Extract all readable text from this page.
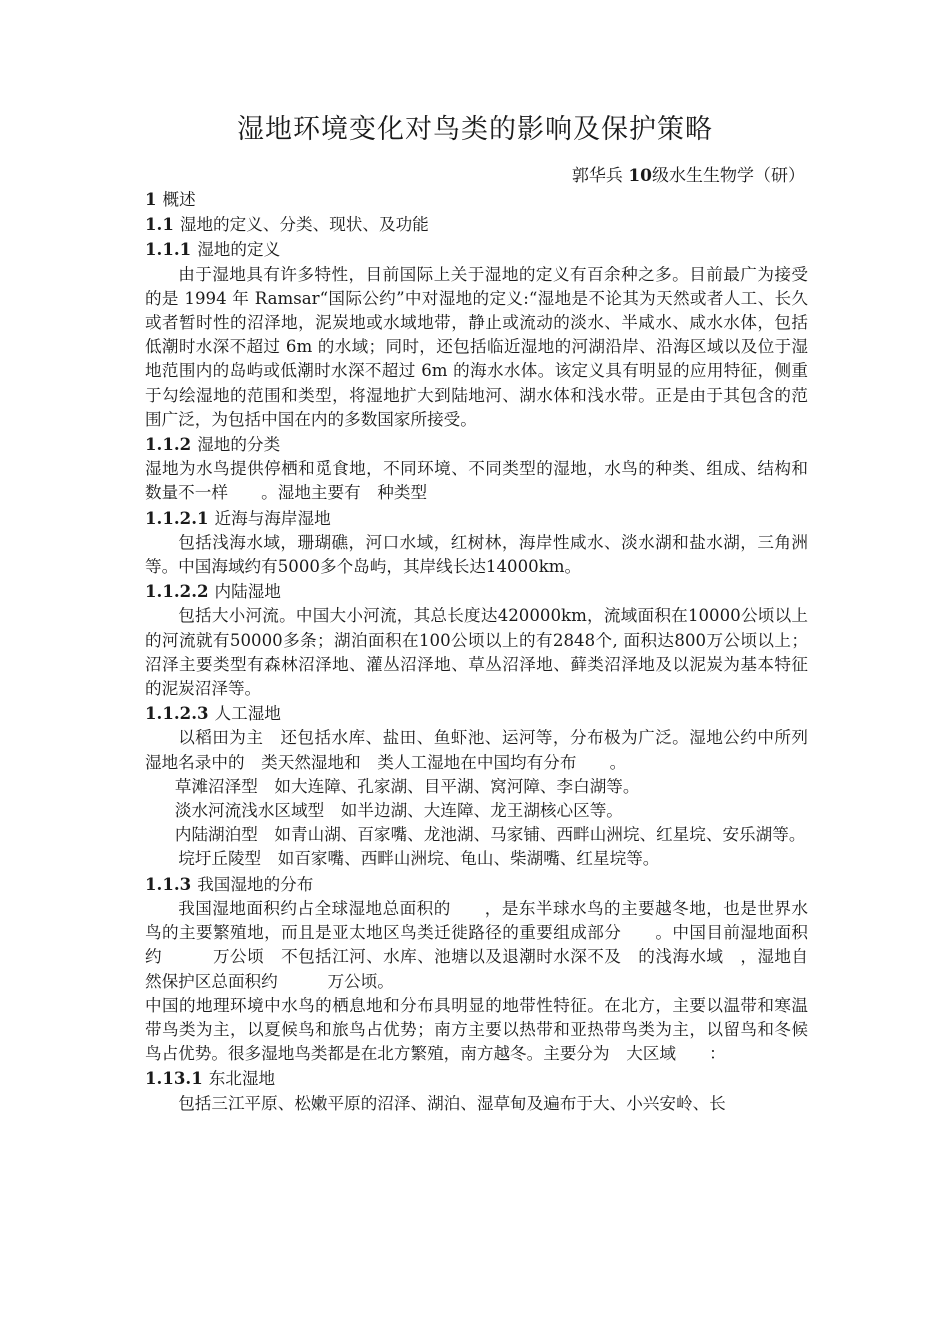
湿地环境变化对鸟类的影响及保护策略
郭华兵 10级水生生物学（研）

1 概述

1.1 湿地的定义、分类、现状、及功能

1.1.1 湿地的定义

由于湿地具有许多特性，目前国际上关于湿地的定义有百余种之多。目前最广为接受的是 1994 年 Ramsar“国际公约”中对湿地的定义:“湿地是不论其为天然或者人工、长久或者暂时性的沼泽地，泥炭地或水域地带，静止或流动的淡水、半咸水、咸水水体，包括低潮时水深不超过 6m 的水域；同时，还包括临近湿地的河湖沿岸、沿海区域以及位于湿地范围内的岛屿或低潮时水深不超过 6m 的海水水体。该定义具有明显的应用特征，侧重于勾绘湿地的范围和类型，将湿地扩大到陆地河、湖水体和浅水带。正是由于其包含的范围广泛，为包括中国在内的多数国家所接受。

1.1.2 湿地的分类

湿地为水鸟提供停栖和觅食地，不同环境、不同类型的湿地，水鸟的种类、组成、结构和数量不一样　　。湿地主要有　种类型

1.1.2.1 近海与海岸湿地

包括浅海水域，珊瑚礁，河口水域，红树林，海岸性咸水、淡水湖和盐水湖，三角洲等。中国海域约有5000多个岛屿，其岸线长达14000km。

1.1.2.2 内陆湿地

包括大小河流。中国大小河流，其总长度达420000km，流域面积在10000公顷以上的河流就有50000多条；湖泊面积在100公顷以上的有2848个, 面积达800万公顷以上；沼泽主要类型有森林沼泽地、灌丛沼泽地、草丛沼泽地、藓类沼泽地及以泥炭为基本特征的泥炭沼泽等。

1.1.2.3 人工湿地

以稻田为主　还包括水库、盐田、鱼虾池、运河等，分布极为广泛。湿地公约中所列湿地名录中的　类天然湿地和　类人工湿地在中国均有分布　　。

草滩沼泽型　如大连障、孔家湖、目平湖、窝河障、李白湖等。

淡水河流浅水区域型　如半边湖、大连障、龙王湖核心区等。

内陆湖泊型　如青山湖、百家嘴、龙池湖、马家铺、西畔山洲垸、红星垸、安乐湖等。

垸圩丘陵型　如百家嘴、西畔山洲垸、龟山、柴湖嘴、红星垸等。

1.1.3 我国湿地的分布

我国湿地面积约占全球湿地总面积的　　，是东半球水鸟的主要越冬地，也是世界水鸟的主要繁殖地，而且是亚太地区鸟类迁徙路径的重要组成部分　　。中国目前湿地面积约　　　万公顷　不包括江河、水库、池塘以及退潮时水深不及　的浅海水域　，湿地自然保护区总面积约　　　万公顷。

中国的地理环境中水鸟的栖息地和分布具明显的地带性特征。在北方，主要以温带和寒温带鸟类为主，以夏候鸟和旅鸟占优势；南方主要以热带和亚热带鸟类为主，以留鸟和冬候鸟占优势。很多湿地鸟类都是在北方繁殖，南方越冬。主要分为　大区域　　：

1.13.1 东北湿地

包括三江平原、松嫩平原的沼泽、湖泊、湿草甸及遍布于大、小兴安岭、长
